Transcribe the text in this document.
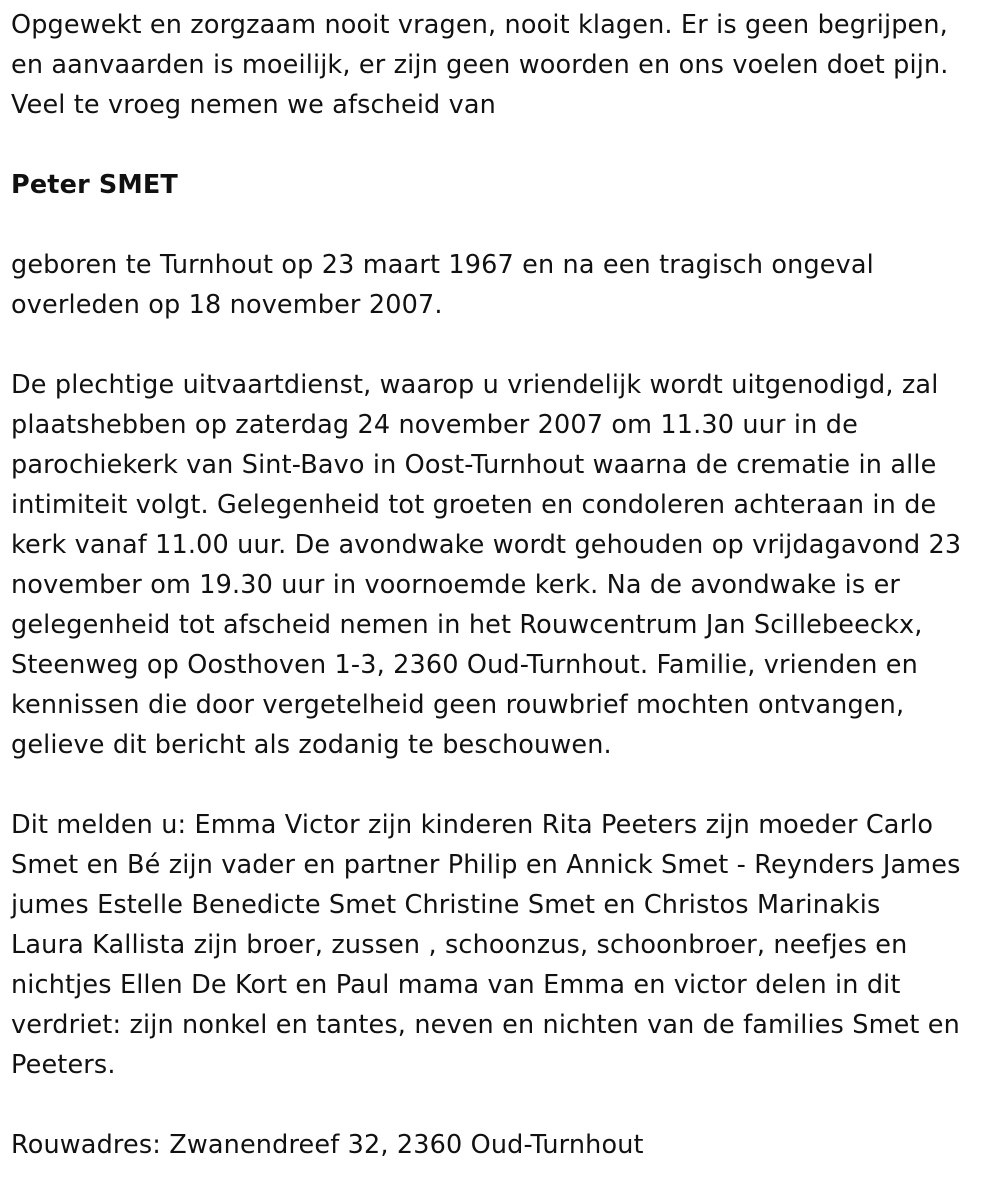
Opgewekt en zorgzaam nooit vragen, nooit klagen. Er is geen begrijpen,
en aanvaarden is moeilijk, er zijn geen woorden en ons voelen doet pijn.
Veel te vroeg nemen we afscheid van
Peter SMET
geboren te Turnhout op 23 maart 1967 en na een tragisch ongeval
overleden op 18 november 2007.
De plechtige uitvaartdienst, waarop u vriendelijk wordt uitgenodigd, zal
plaatshebben op zaterdag 24 november 2007 om 11.30 uur in de
parochiekerk van Sint-Bavo in Oost-Turnhout waarna de crematie in alle
intimiteit volgt. Gelegenheid tot groeten en condoleren achteraan in de
kerk vanaf 11.00 uur. De avondwake wordt gehouden op vrijdagavond 23
november om 19.30 uur in voornoemde kerk. Na de avondwake is er
gelegenheid tot afscheid nemen in het Rouwcentrum Jan Scillebeeckx,
Steenweg op Oosthoven 1-3, 2360 Oud-Turnhout. Familie, vrienden en
kennissen die door vergetelheid geen rouwbrief mochten ontvangen,
gelieve dit bericht als zodanig te beschouwen.
Dit melden u: Emma Victor zijn kinderen Rita Peeters zijn moeder Carlo
Smet en Bé zijn vader en partner Philip en Annick Smet - Reynders James
jumes Estelle Benedicte Smet Christine Smet en Christos Marinakis
Laura Kallista zijn broer, zussen , schoonzus, schoonbroer, neefjes en
nichtjes Ellen De Kort en Paul mama van Emma en victor delen in dit
verdriet: zijn nonkel en tantes, neven en nichten van de families Smet en
Peeters.
Rouwadres: Zwanendreef 32, 2360 Oud-Turnhout
